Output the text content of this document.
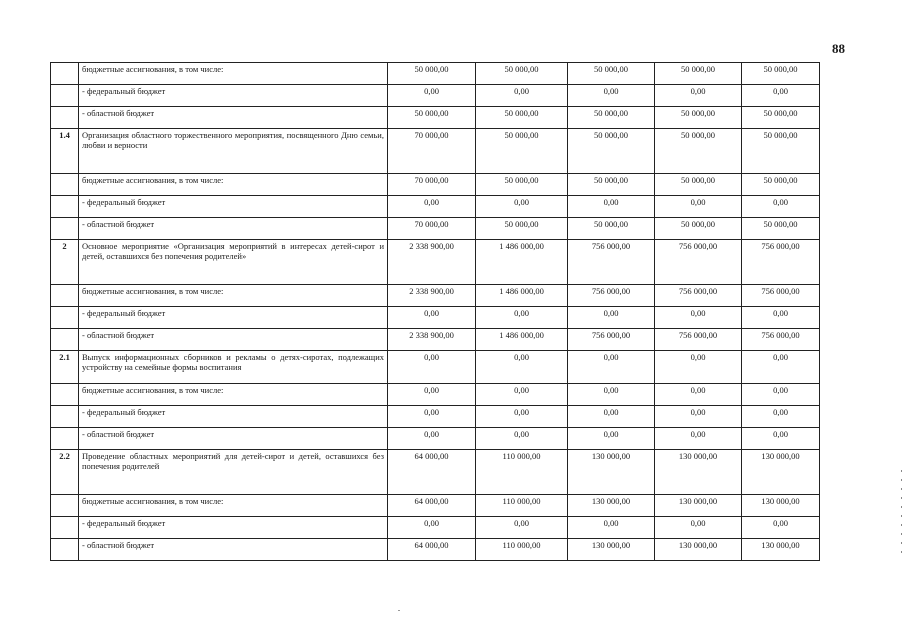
88
	бюджетные ассигнования, в том числе:	50 000,00	50 000,00	50 000,00	50 000,00	50 000,00
	- федеральный бюджет	0,00	0,00	0,00	0,00	0,00
	- областной бюджет	50 000,00	50 000,00	50 000,00	50 000,00	50 000,00
1.4	Организация областного торжественного мероприятия, посвященного Дню семьи, любви и верности	70 000,00	50 000,00	50 000,00	50 000,00	50 000,00
	бюджетные ассигнования, в том числе:	70 000,00	50 000,00	50 000,00	50 000,00	50 000,00
	- федеральный бюджет	0,00	0,00	0,00	0,00	0,00
	- областной бюджет	70 000,00	50 000,00	50 000,00	50 000,00	50 000,00
2	Основное мероприятие «Организация мероприятий в интересах детей-сирот и детей, оставшихся без попечения родителей»	2 338 900,00	1 486 000,00	756 000,00	756 000,00	756 000,00
	бюджетные ассигнования, в том числе:	2 338 900,00	1 486 000,00	756 000,00	756 000,00	756 000,00
	- федеральный бюджет	0,00	0,00	0,00	0,00	0,00
	- областной бюджет	2 338 900,00	1 486 000,00	756 000,00	756 000,00	756 000,00
2.1	Выпуск информационных сборников и рекламы о детях-сиротах, подлежащих устройству на семейные формы воспитания	0,00	0,00	0,00	0,00	0,00
	бюджетные ассигнования, в том числе:	0,00	0,00	0,00	0,00	0,00
	- федеральный бюджет	0,00	0,00	0,00	0,00	0,00
	- областной бюджет	0,00	0,00	0,00	0,00	0,00
2.2	Проведение областных мероприятий для детей-сирот и детей, оставшихся без попечения родителей	64 000,00	110 000,00	130 000,00	130 000,00	130 000,00
	бюджетные ассигнования, в том числе:	64 000,00	110 000,00	130 000,00	130 000,00	130 000,00
	- федеральный бюджет	0,00	0,00	0,00	0,00	0,00
	- областной бюджет	64 000,00	110 000,00	130 000,00	130 000,00	130 000,00
